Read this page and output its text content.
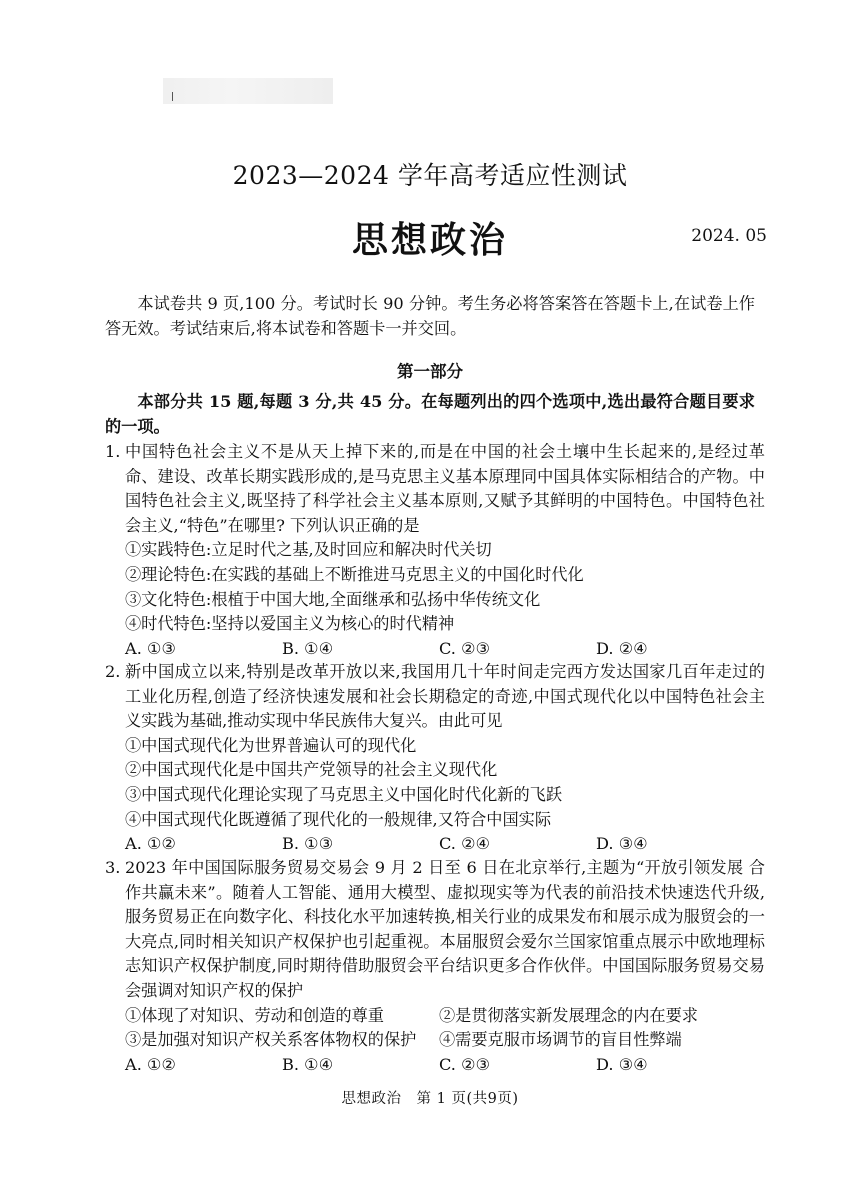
2023—2024 学年高考适应性测试
思想政治	2024. 05
本试卷共 9 页,100 分。考试时长 90 分钟。考生务必将答案答在答题卡上,在试卷上作答无效。考试结束后,将本试卷和答题卡一并交回。
第一部分
本部分共 15 题,每题 3 分,共 45 分。在每题列出的四个选项中,选出最符合题目要求的一项。
1. 中国特色社会主义不是从天上掉下来的,而是在中国的社会土壤中生长起来的,是经过革命、建设、改革长期实践形成的,是马克思主义基本原理同中国具体实际相结合的产物。中国特色社会主义,既坚持了科学社会主义基本原则,又赋予其鲜明的中国特色。中国特色社会主义,“特色”在哪里? 下列认识正确的是
①实践特色:立足时代之基,及时回应和解决时代关切
②理论特色:在实践的基础上不断推进马克思主义的中国化时代化
③文化特色:根植于中国大地,全面继承和弘扬中华传统文化
④时代特色:坚持以爱国主义为核心的时代精神
A. ①③	B. ①④	C. ②③	D. ②④
2. 新中国成立以来,特别是改革开放以来,我国用几十年时间走完西方发达国家几百年走过的工业化历程,创造了经济快速发展和社会长期稳定的奇迹,中国式现代化以中国特色社会主义实践为基础,推动实现中华民族伟大复兴。由此可见
①中国式现代化为世界普遍认可的现代化
②中国式现代化是中国共产党领导的社会主义现代化
③中国式现代化理论实现了马克思主义中国化时代化新的飞跃
④中国式现代化既遵循了现代化的一般规律,又符合中国实际
A. ①②	B. ①③	C. ②④	D. ③④
3. 2023 年中国国际服务贸易交易会 9 月 2 日至 6 日在北京举行,主题为“开放引领发展 合作共赢未来”。随着人工智能、通用大模型、虚拟现实等为代表的前沿技术快速迭代升级,服务贸易正在向数字化、科技化水平加速转换,相关行业的成果发布和展示成为服贸会的一大亮点,同时相关知识产权保护也引起重视。本届服贸会爱尔兰国家馆重点展示中欧地理标志知识产权保护制度,同时期待借助服贸会平台结识更多合作伙伴。中国国际服务贸易交易会强调对知识产权的保护
①体现了对知识、劳动和创造的尊重	②是贯彻落实新发展理念的内在要求
③是加强对知识产权关系客体物权的保护	④需要克服市场调节的盲目性弊端
A. ①②	B. ①④	C. ②③	D. ③④
思想政治　第 1 页(共9页)
